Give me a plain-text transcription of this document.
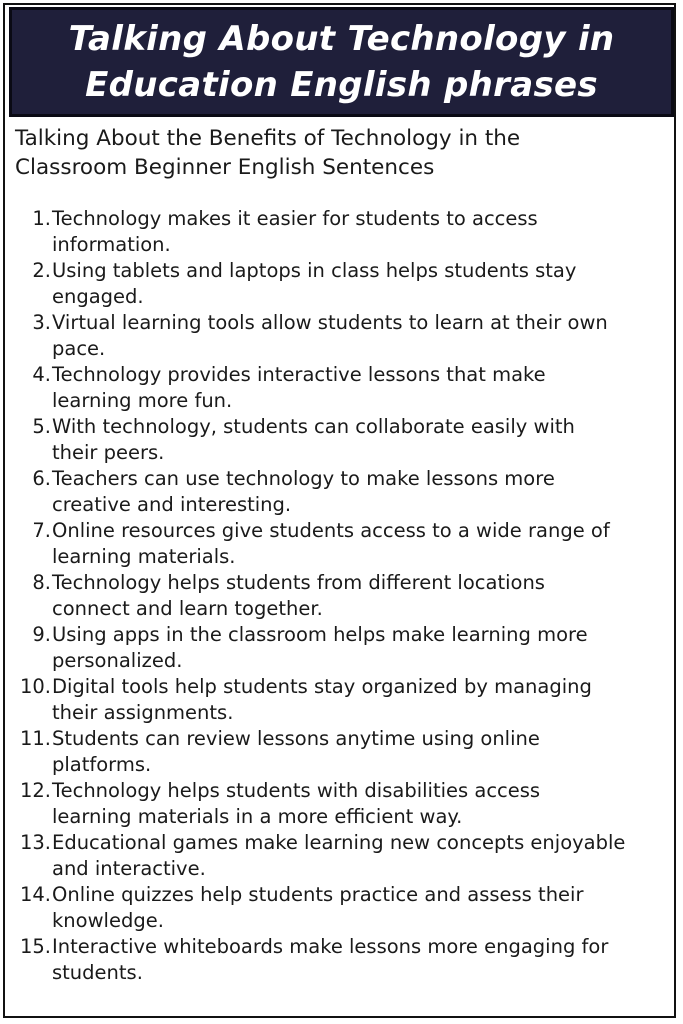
Talking About Technology in
Education English phrases
Talking About the Benefits of Technology in the
Classroom Beginner English Sentences
1. Technology makes it easier for students to access
information.
2. Using tablets and laptops in class helps students stay
engaged.
3. Virtual learning tools allow students to learn at their own
pace.
4. Technology provides interactive lessons that make
learning more fun.
5. With technology, students can collaborate easily with
their peers.
6. Teachers can use technology to make lessons more
creative and interesting.
7. Online resources give students access to a wide range of
learning materials.
8. Technology helps students from different locations
connect and learn together.
9. Using apps in the classroom helps make learning more
personalized.
10. Digital tools help students stay organized by managing
their assignments.
11. Students can review lessons anytime using online
platforms.
12. Technology helps students with disabilities access
learning materials in a more efficient way.
13. Educational games make learning new concepts enjoyable
and interactive.
14. Online quizzes help students practice and assess their
knowledge.
15. Interactive whiteboards make lessons more engaging for
students.
